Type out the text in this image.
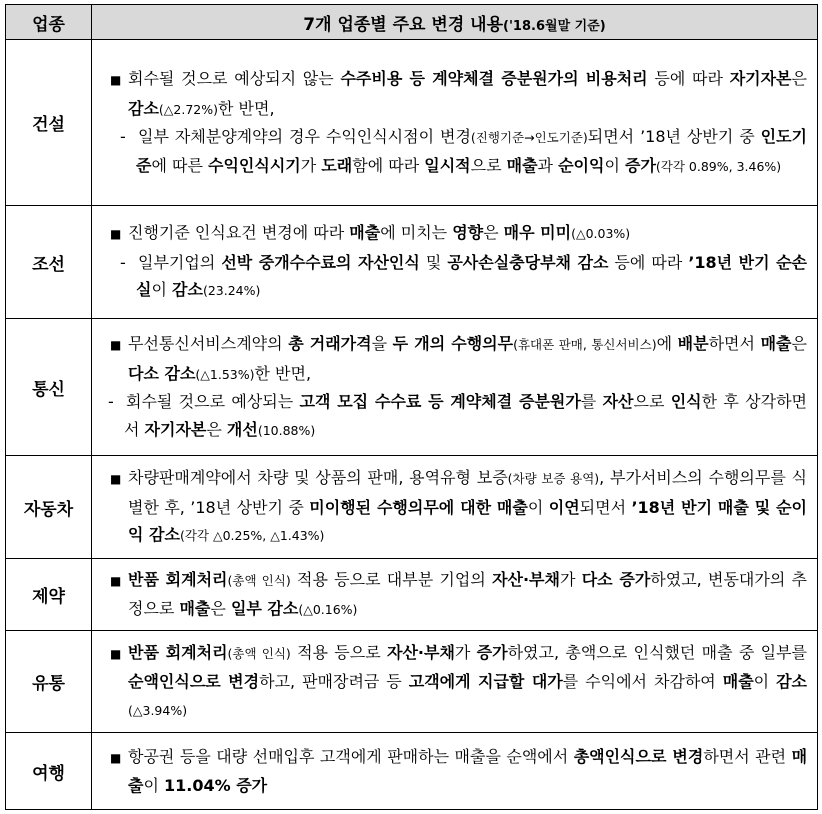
업종	7개 업종별 주요 변경 내용('18.6월말 기준)
건설	■ 회수될 것으로 예상되지 않는 수주비용 등 계약체결 증분원가의 비용처리 등에 따라 자기자본은 감소(△2.72%)한 반면,
- 일부 자체분양계약의 경우 수익인식시점이 변경(진행기준→인도기준)되면서 ’18년 상반기 중 인도기준에 따른 수익인식시기가 도래함에 따라 일시적으로 매출과 순이익이 증가(각각 0.89%, 3.46%)

조선	■ 진행기준 인식요건 변경에 따라 매출에 미치는 영향은 매우 미미(△0.03%)
- 일부기업의 선박 중개수수료의 자산인식 및 공사손실충당부채 감소 등에 따라 ’18년 반기 순손실이 감소(23.24%)

통신	■ 무선통신서비스계약의 총 거래가격을 두 개의 수행의무(휴대폰 판매, 통신서비스)에 배분하면서 매출은 다소 감소(△1.53%)한 반면,
- 회수될 것으로 예상되는 고객 모집 수수료 등 계약체결 증분원가를 자산으로 인식한 후 상각하면서 자기자본은 개선(10.88%)

자동차	■ 차량판매계약에서 차량 및 상품의 판매, 용역유형 보증(차량 보증 용역), 부가서비스의 수행의무를 식별한 후, ’18년 상반기 중 미이행된 수행의무에 대한 매출이 이연되면서 ’18년 반기 매출 및 순이익 감소(각각 △0.25%, △1.43%)

제약	■ 반품 회계처리(총액 인식) 적용 등으로 대부분 기업의 자산·부채가 다소 증가하였고, 변동대가의 추정으로 매출은 일부 감소(△0.16%)

유통	■ 반품 회계처리(총액 인식) 적용 등으로 자산·부채가 증가하였고, 총액으로 인식했던 매출 중 일부를 순액인식으로 변경하고, 판매장려금 등 고객에게 지급할 대가를 수익에서 차감하여 매출이 감소(△3.94%)

여행	■ 항공권 등을 대량 선매입후 고객에게 판매하는 매출을 순액에서 총액인식으로 변경하면서 관련 매출이 11.04% 증가
